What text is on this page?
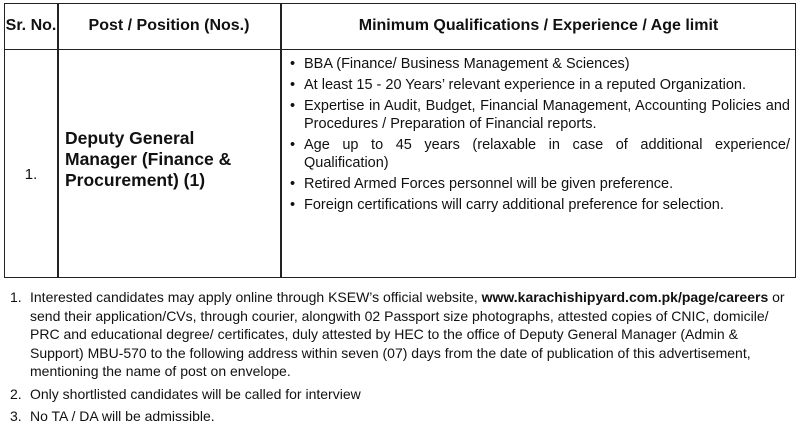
Sr. No.	Post / Position (Nos.)	Minimum Qualifications / Experience / Age limit
1.
Deputy General Manager (Finance & Procurement) (1)
• BBA (Finance/ Business Management & Sciences)
• At least 15 - 20 Years’ relevant experience in a reputed Organization.
• Expertise in Audit, Budget, Financial Management, Accounting Policies and Procedures / Preparation of Financial reports.
• Age up to 45 years (relaxable in case of additional experience/ Qualification)
• Retired Armed Forces personnel will be given preference.
• Foreign certifications will carry additional preference for selection.
1. Interested candidates may apply online through KSEW’s official website, www.karachishipyard.com.pk/page/careers or send their application/CVs, through courier, alongwith 02 Passport size photographs, attested copies of CNIC, domicile/ PRC and educational degree/ certificates, duly attested by HEC to the office of Deputy General Manager (Admin & Support) MBU-570 to the following address within seven (07) days from the date of publication of this advertisement, mentioning the name of post on envelope.
2. Only shortlisted candidates will be called for interview
3. No TA / DA will be admissible.
